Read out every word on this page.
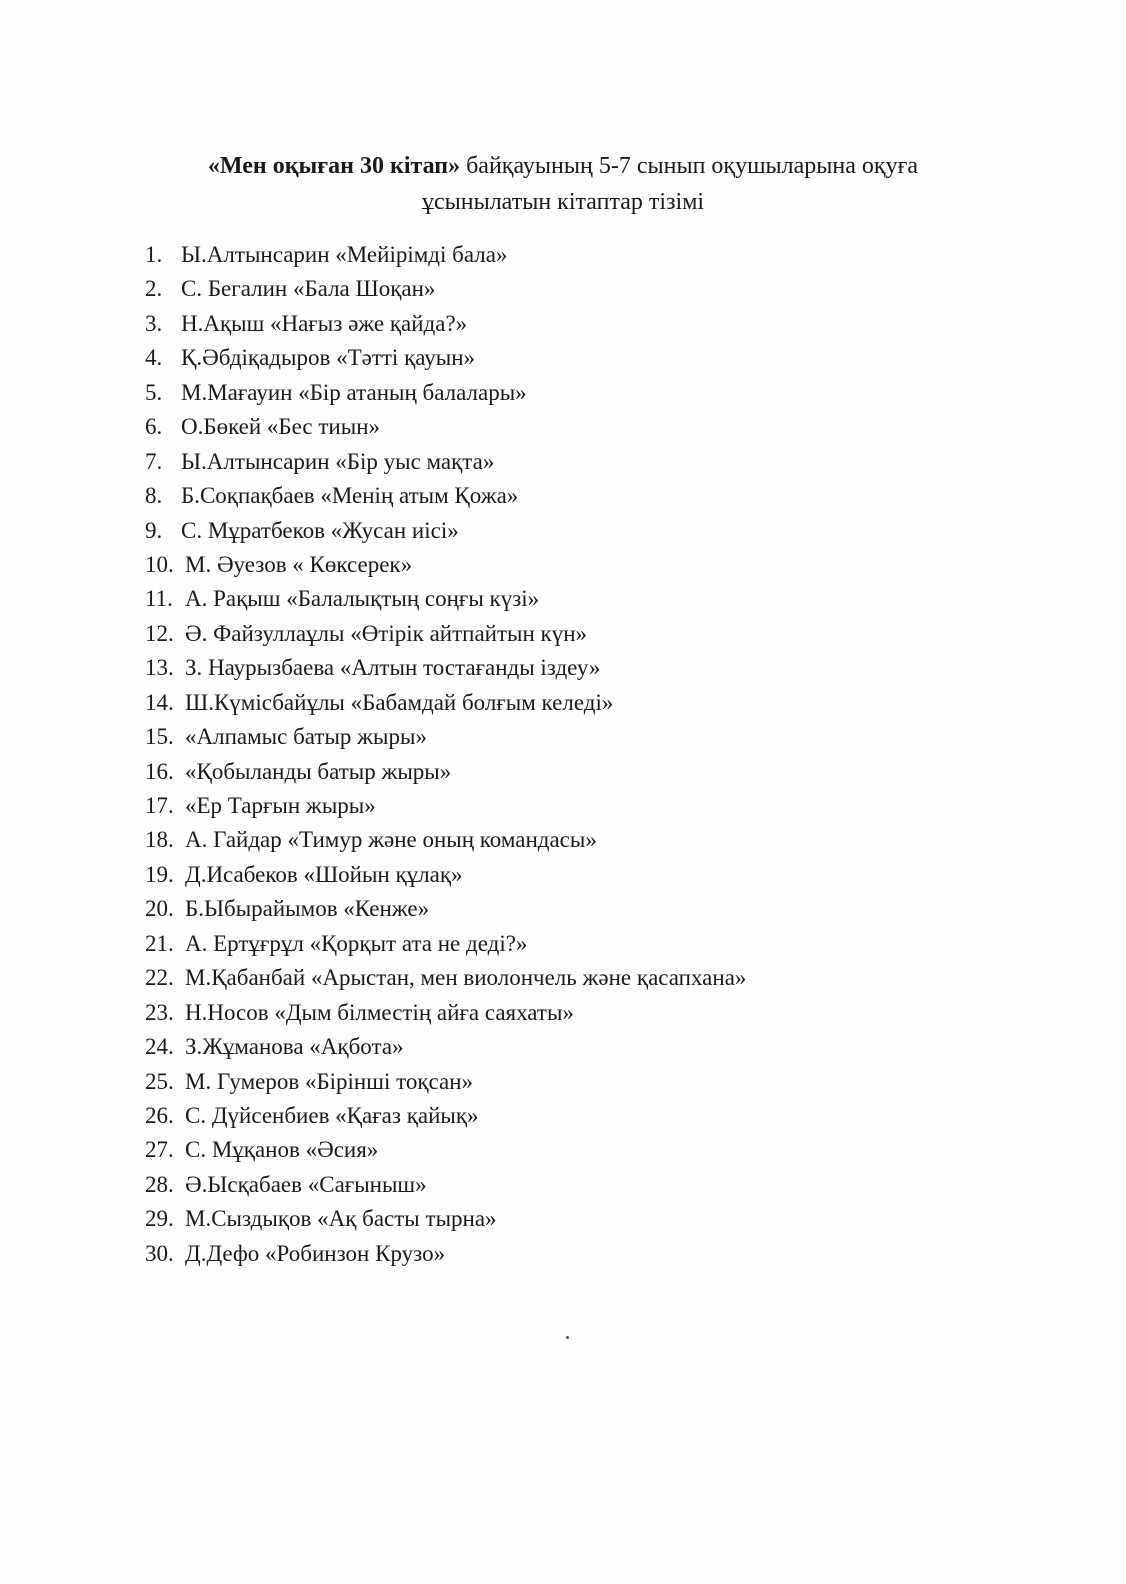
«Мен оқыған 30 кітап» байқауының 5-7 сынып оқушыларына оқуға
ұсынылатын кітаптар тізімі
1. Ы.Алтынсарин «Мейірімді бала»
2. С. Бегалин «Бала Шоқан»
3. Н.Ақыш «Нағыз әже қайда?»
4. Қ.Әбдіқадыров «Тәтті қауын»
5. М.Мағауин «Бір атаның балалары»
6. О.Бөкей «Бес тиын»
7. Ы.Алтынсарин «Бір уыс мақта»
8. Б.Соқпақбаев «Менің атым Қожа»
9. С. Мұратбеков «Жусан иісі»
10. М. Әуезов « Көксерек»
11. А. Рақыш «Балалықтың соңғы күзі»
12. Ә. Файзуллаұлы «Өтірік айтпайтын күн»
13. З. Наурызбаева «Алтын тостағанды іздеу»
14. Ш.Күмісбайұлы «Бабамдай болғым келеді»
15. «Алпамыс батыр жыры»
16. «Қобыланды батыр жыры»
17. «Ер Тарғын жыры»
18. А. Гайдар «Тимур және оның командасы»
19. Д.Исабеков «Шойын құлақ»
20. Б.Ыбырайымов «Кенже»
21. А. Ертұғрұл «Қорқыт ата не деді?»
22. М.Қабанбай «Арыстан, мен виолончель және қасапхана»
23. Н.Носов «Дым білместің айға саяхаты»
24. З.Жұманова «Ақбота»
25. М. Гумеров «Бірінші тоқсан»
26. С. Дүйсенбиев «Қағаз қайық»
27. С. Мұқанов «Әсия»
28. Ә.Ысқабаев «Сағыныш»
29. М.Сыздықов «Ақ басты тырна»
30. Д.Дефо «Робинзон Крузо»
